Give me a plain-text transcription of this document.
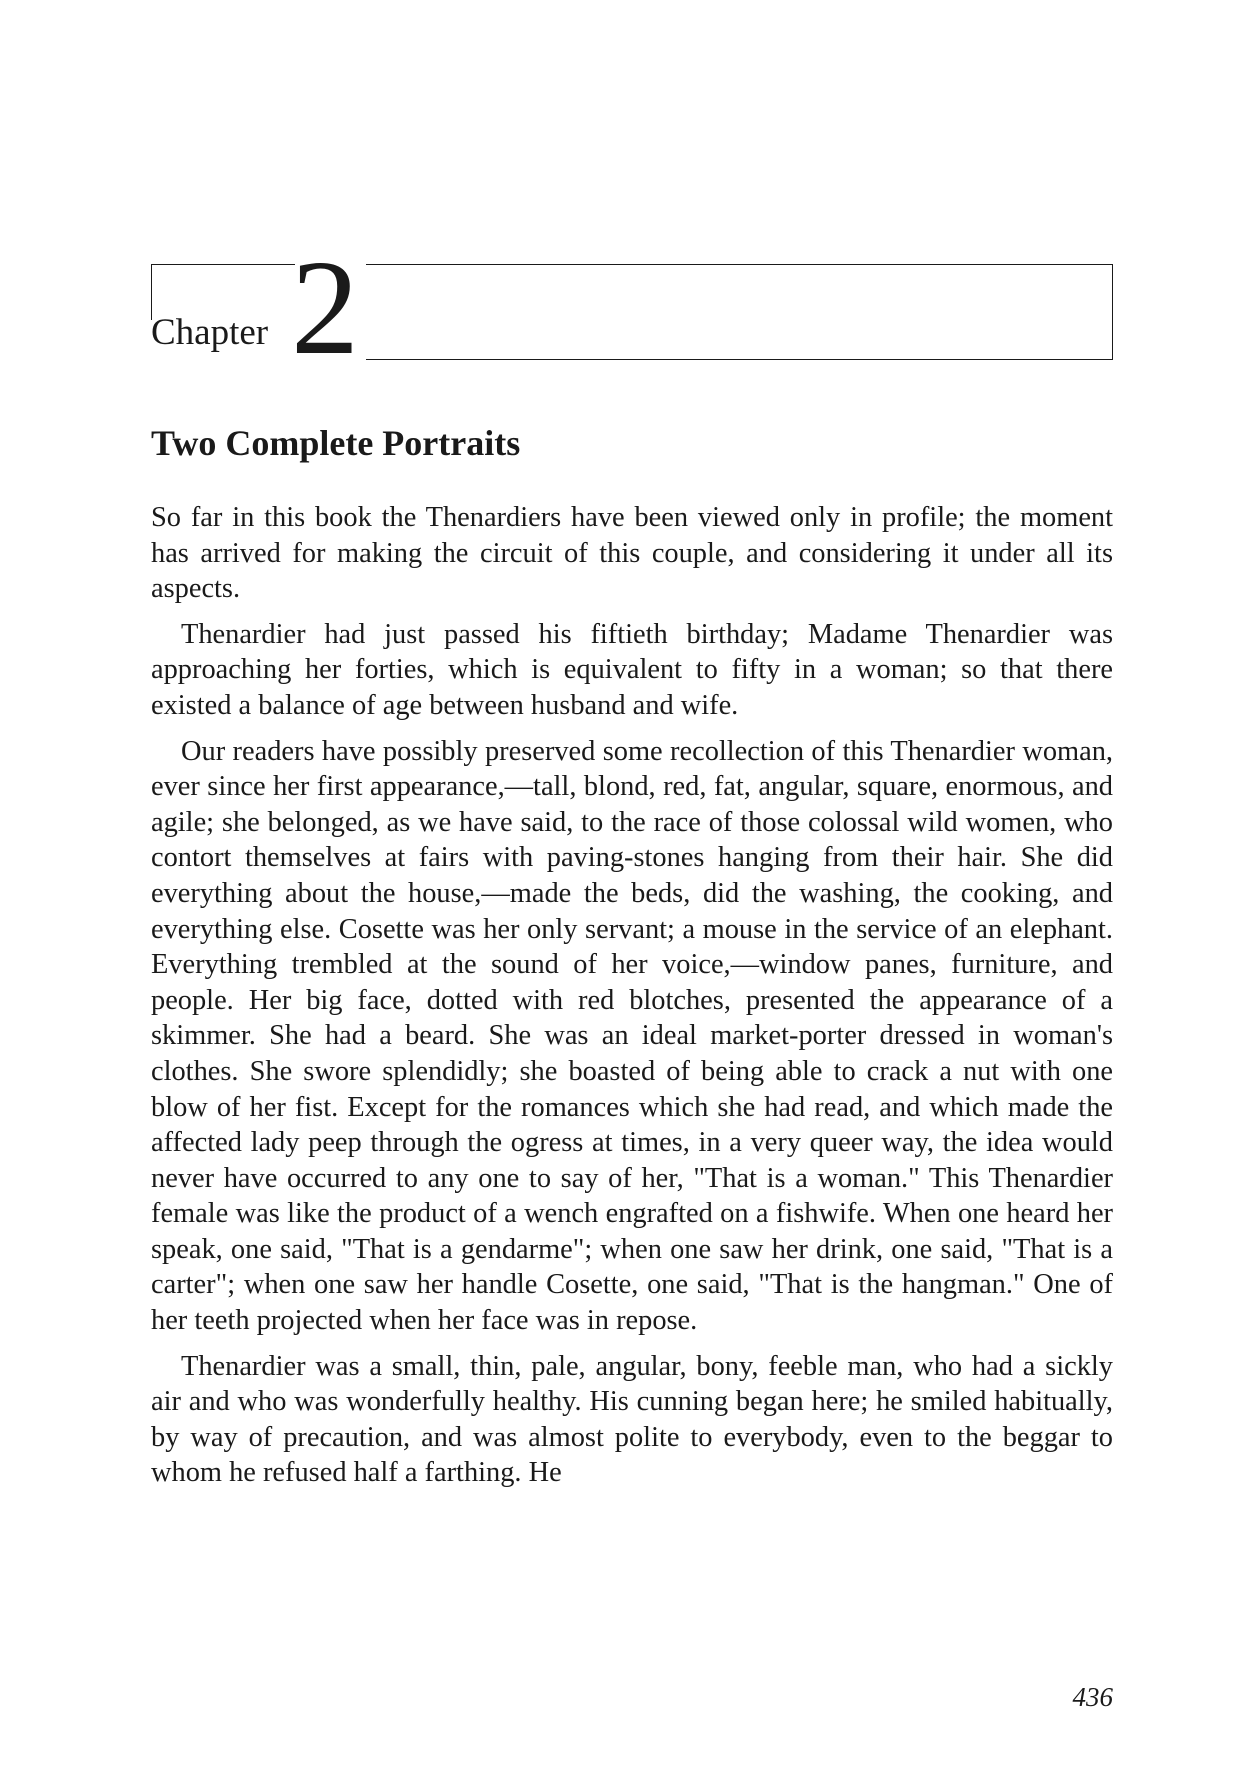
Chapter 2
Two Complete Portraits

So far in this book the Thenardiers have been viewed only in profile; the moment has arrived for making the circuit of this couple, and considering it under all its aspects.

Thenardier had just passed his fiftieth birthday; Madame Thenardier was approaching her forties, which is equivalent to fifty in a woman; so that there existed a balance of age between husband and wife.

Our readers have possibly preserved some recollection of this Thenardier woman, ever since her first appearance,—tall, blond, red, fat, angular, square, enormous, and agile; she belonged, as we have said, to the race of those colossal wild women, who contort themselves at fairs with paving-stones hanging from their hair. She did everything about the house,—made the beds, did the washing, the cooking, and everything else. Cosette was her only servant; a mouse in the service of an elephant. Everything trembled at the sound of her voice,—window panes, furniture, and people. Her big face, dotted with red blotches, presented the appearance of a skimmer. She had a beard. She was an ideal market-porter dressed in woman's clothes. She swore splendidly; she boasted of being able to crack a nut with one blow of her fist. Except for the romances which she had read, and which made the affected lady peep through the ogress at times, in a very queer way, the idea would never have occurred to any one to say of her, "That is a woman." This Thenardier female was like the product of a wench engrafted on a fishwife. When one heard her speak, one said, "That is a gendarme"; when one saw her drink, one said, "That is a carter"; when one saw her handle Cosette, one said, "That is the hangman." One of her teeth projected when her face was in repose.

Thenardier was a small, thin, pale, angular, bony, feeble man, who had a sickly air and who was wonderfully healthy. His cunning began here; he smiled habitually, by way of precaution, and was almost polite to everybody, even to the beggar to whom he refused half a farthing. He

436
